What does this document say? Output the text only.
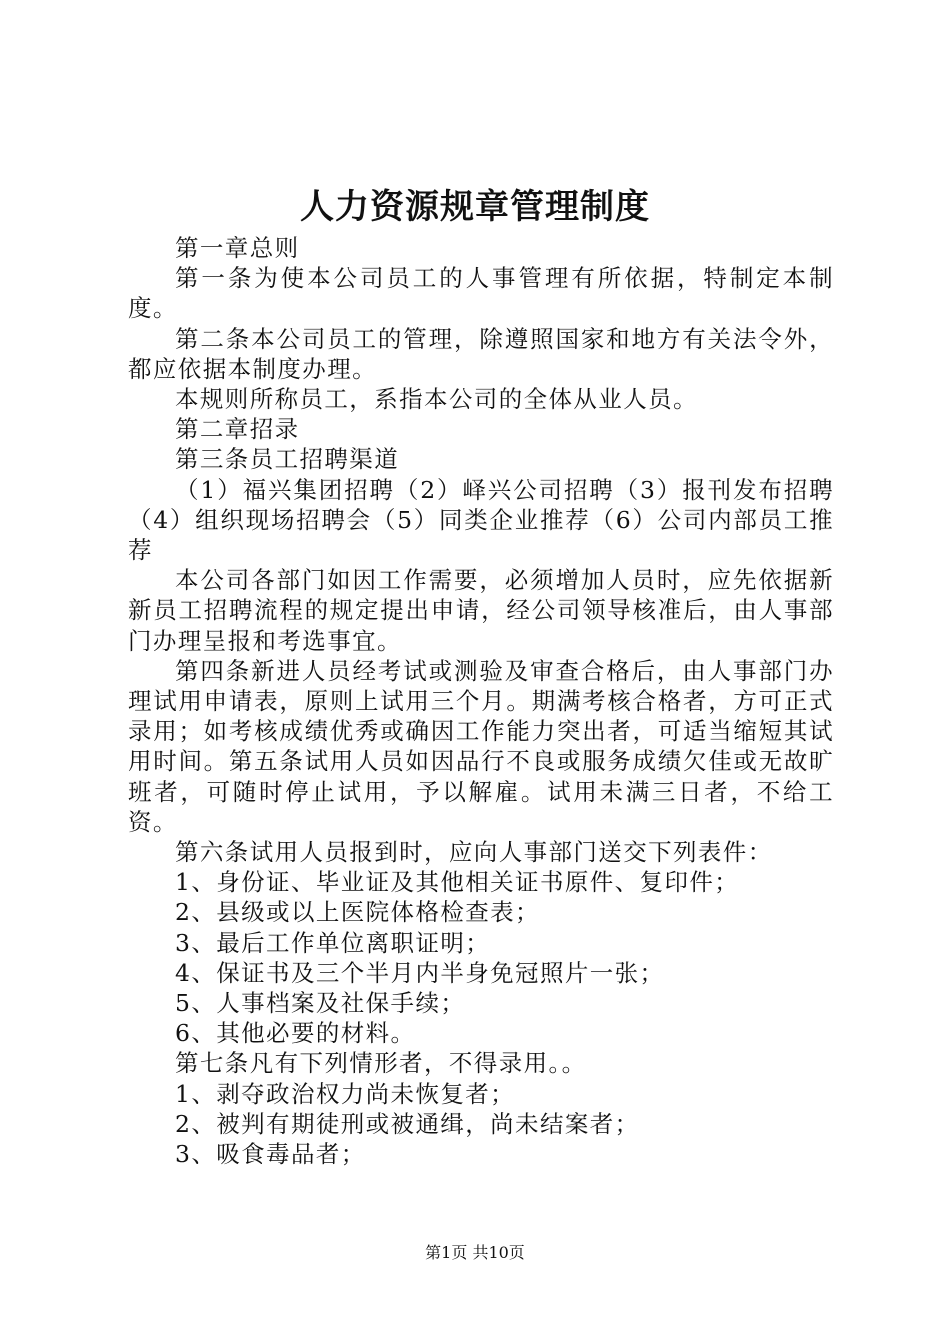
人力资源规章管理制度

第一章总则

第一条为使本公司员工的人事管理有所依据，特制定本制度。

第二条本公司员工的管理，除遵照国家和地方有关法令外，都应依据本制度办理。

本规则所称员工，系指本公司的全体从业人员。

第二章招录

第三条员工招聘渠道

（1）福兴集团招聘（2）峄兴公司招聘（3）报刊发布招聘（4）组织现场招聘会（5）同类企业推荐（6）公司内部员工推荐

本公司各部门如因工作需要，必须增加人员时，应先依据新新员工招聘流程的规定提出申请，经公司领导核准后，由人事部门办理呈报和考选事宜。

第四条新进人员经考试或测验及审查合格后，由人事部门办理试用申请表，原则上试用三个月。期满考核合格者，方可正式录用；如考核成绩优秀或确因工作能力突出者，可适当缩短其试用时间。第五条试用人员如因品行不良或服务成绩欠佳或无故旷班者，可随时停止试用，予以解雇。试用未满三日者，不给工资。

第六条试用人员报到时，应向人事部门送交下列表件：

1、身份证、毕业证及其他相关证书原件、复印件；

2、县级或以上医院体格检查表；

3、最后工作单位离职证明；

4、保证书及三个半月内半身免冠照片一张；

5、人事档案及社保手续；

6、其他必要的材料。

第七条凡有下列情形者，不得录用。。

1、剥夺政治权力尚未恢复者；

2、被判有期徒刑或被通缉，尚未结案者；

3、吸食毒品者；

第1页 共10页
